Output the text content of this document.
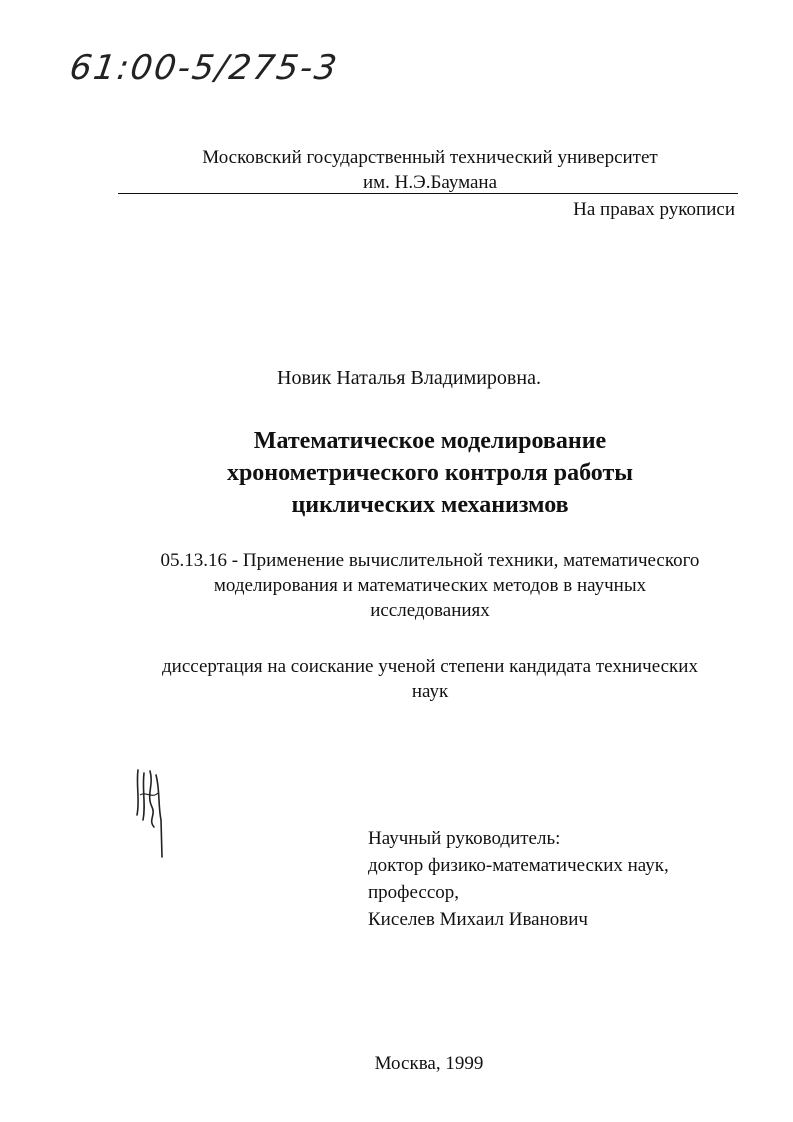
61:00-5/275-3
Московский государственный технический университет
им. Н.Э.Баумана
На правах рукописи
Новик Наталья Владимировна.
Математическое моделирование
хронометрического контроля работы
циклических механизмов
05.13.16 - Применение вычислительной техники, математического
моделирования и математических методов в научных
исследованиях
диссертация на соискание ученой степени кандидата технических
наук
Научный руководитель:
доктор физико-математических наук,
профессор,
Киселев Михаил Иванович
Москва, 1999
